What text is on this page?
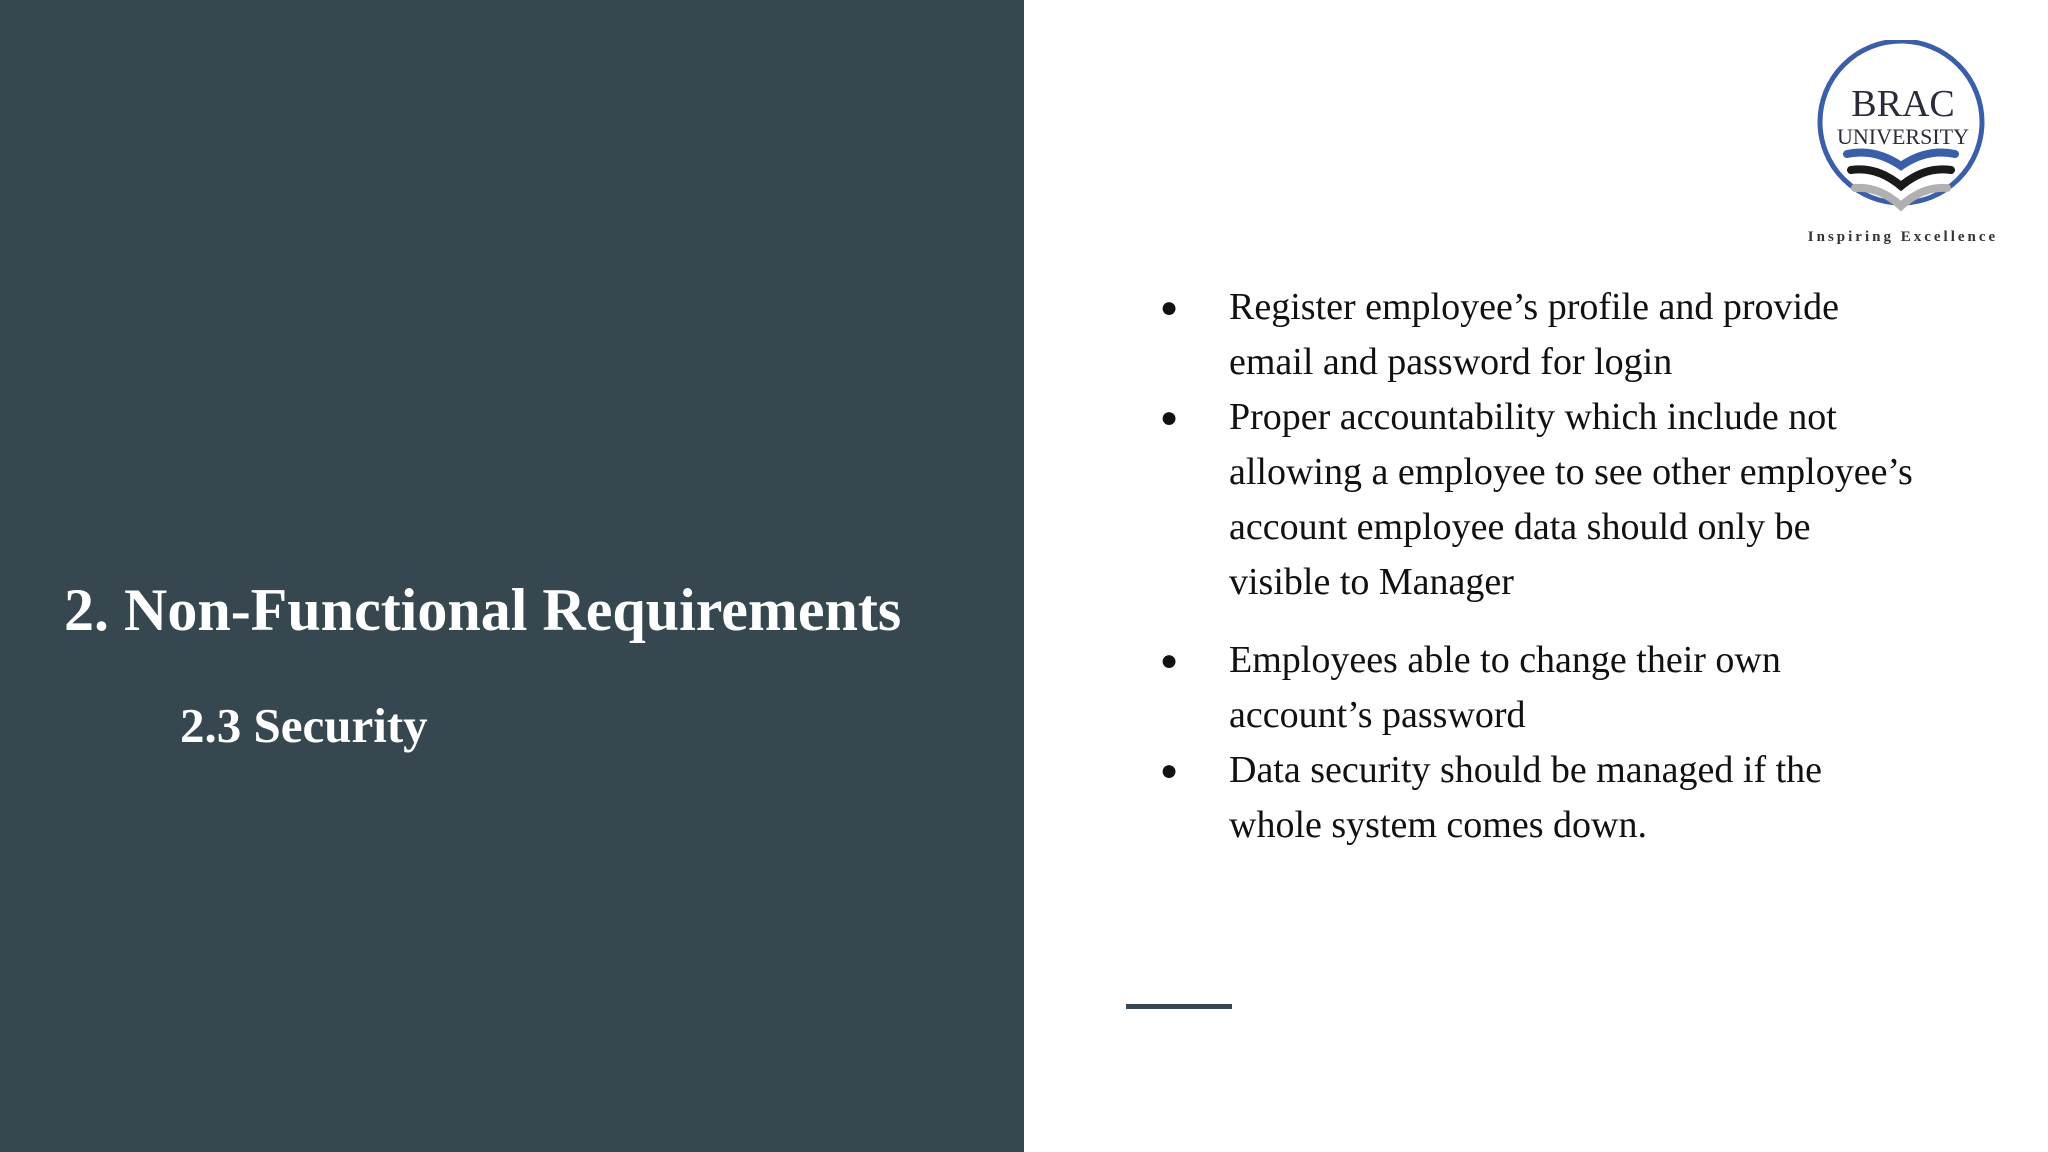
2. Non-Functional Requirements
2.3 Security
BRAC
UNIVERSITY
Inspiring Excellence
●	Register employee’s profile and provide email and password for login
●	Proper accountability which include not allowing a employee to see other employee’s account employee data should only be visible to Manager
●	Employees able to change their own account’s password
●	Data security should be managed if the whole system comes down.
